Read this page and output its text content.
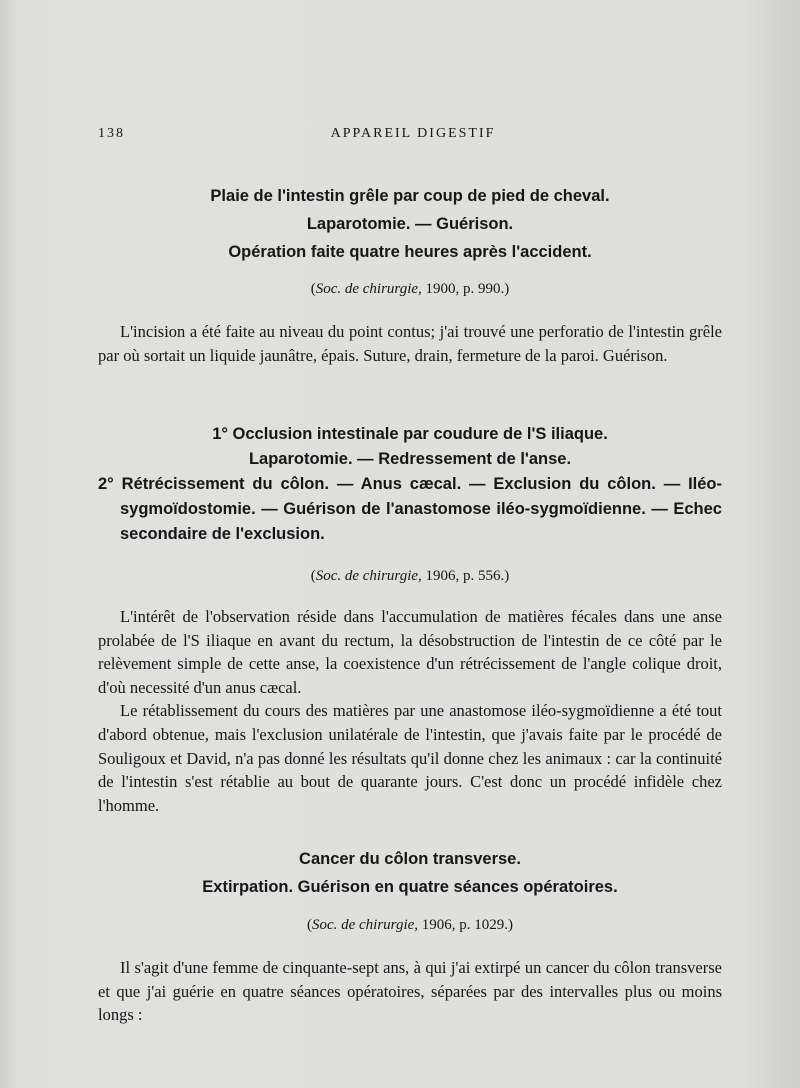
138	APPAREIL DIGESTIF
Plaie de l'intestin grêle par coup de pied de cheval.
Laparotomie. — Guérison.
Opération faite quatre heures après l'accident.
(Soc. de chirurgie, 1900, p. 990.)

L'incision a été faite au niveau du point contus; j'ai trouvé une perforatio de l'intestin grêle par où sortait un liquide jaunâtre, épais. Suture, drain, fermeture de la paroi. Guérison.

1° Occlusion intestinale par coudure de l'S iliaque.
Laparotomie. — Redressement de l'anse.
2° Rétrécissement du côlon. — Anus cæcal. — Exclusion du côlon. — Iléo-sygmoïdostomie. — Guérison de l'anastomose iléo-sygmoïdienne. — Echec secondaire de l'exclusion.
(Soc. de chirurgie, 1906, p. 556.)

L'intérêt de l'observation réside dans l'accumulation de matières fécales dans une anse prolabée de l'S iliaque en avant du rectum, la désobstruction de l'intestin de ce côté par le relèvement simple de cette anse, la coexistence d'un rétrécissement de l'angle colique droit, d'où necessité d'un anus cæcal.

Le rétablissement du cours des matières par une anastomose iléo-sygmoïdienne a été tout d'abord obtenue, mais l'exclusion unilatérale de l'intestin, que j'avais faite par le procédé de Souligoux et David, n'a pas donné les résultats qu'il donne chez les animaux : car la continuité de l'intestin s'est rétablie au bout de quarante jours. C'est donc un procédé infidèle chez l'homme.

Cancer du côlon transverse.
Extirpation. Guérison en quatre séances opératoires.
(Soc. de chirurgie, 1906, p. 1029.)

Il s'agit d'une femme de cinquante-sept ans, à qui j'ai extirpé un cancer du côlon transverse et que j'ai guérie en quatre séances opératoires, séparées par des intervalles plus ou moins longs :
